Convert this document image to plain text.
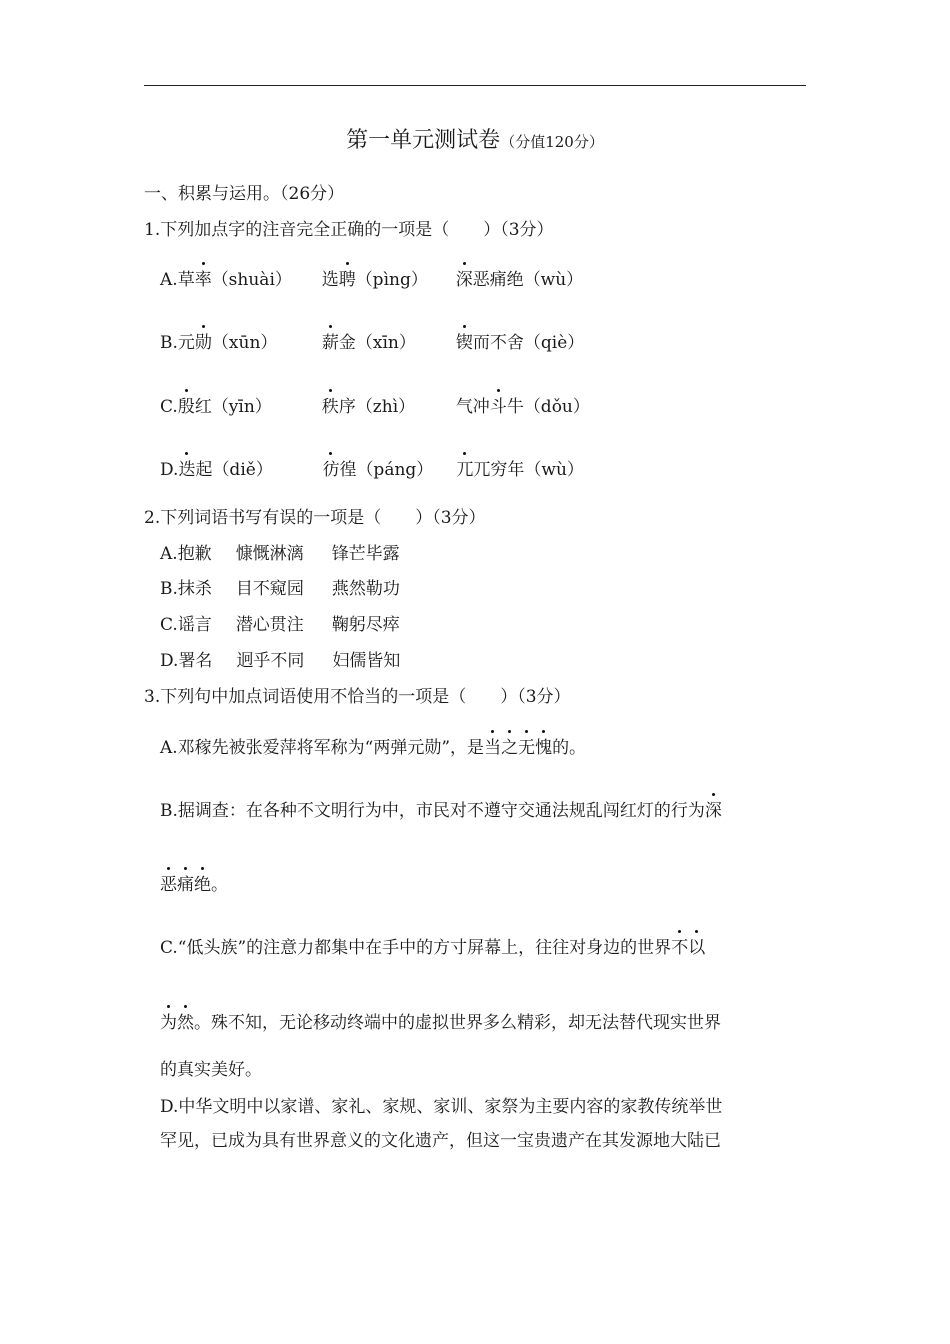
第一单元测试卷（分值120分）
一、积累与运用。（26分）
1.下列加点字的注音完全正确的一项是（　　）（3分）
A.草率（shuài） 选聘（pìng） 深恶痛绝（wù）
B.元勋（xūn）	薪金（xīn） 锲而不舍（qiè）
C.殷红（yīn）	秩序（zhì） 气冲斗牛（dǒu）
D.迭起（diě）	彷徨（páng） 兀兀穷年（wù）
2.下列词语书写有误的一项是（　　）（3分）
A.抱歉 慷慨淋漓 锋芒毕露
B.抹杀 目不窥园 燕然勒功
C.谣言 潜心贯注 鞠躬尽瘁
D.署名 迥乎不同 妇儒皆知
3.下列句中加点词语使用不恰当的一项是（　　）（3分）
A.邓稼先被张爱萍将军称为“两弹元勋”，是当之无愧的。
B.据调查：在各种不文明行为中，市民对不遵守交通法规乱闯红灯的行为深
恶痛绝。
C.“低头族”的注意力都集中在手中的方寸屏幕上，往往对身边的世界不以
为然。殊不知，无论移动终端中的虚拟世界多么精彩，却无法替代现实世界
的真实美好。
D.中华文明中以家谱、家礼、家规、家训、家祭为主要内容的家教传统举世
罕见，已成为具有世界意义的文化遗产，但这一宝贵遗产在其发源地大陆已
